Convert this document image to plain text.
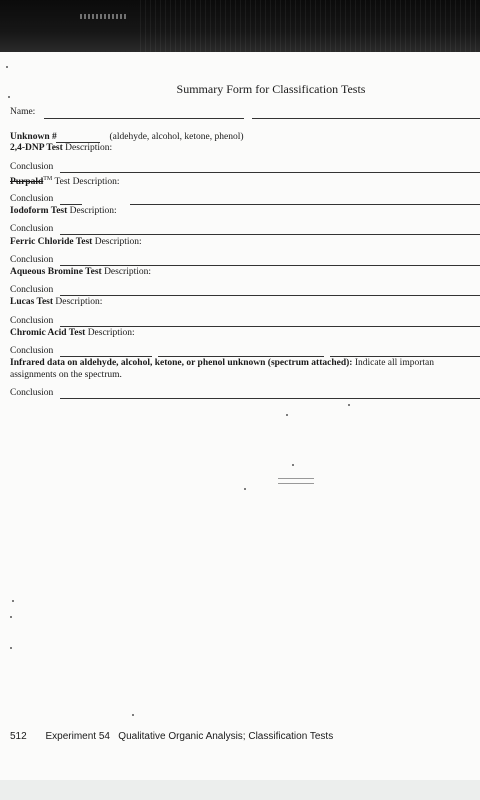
Summary Form for Classification Tests
Name:
Unknown #	(aldehyde, alcohol, ketone, phenol)
2,4-DNP Test Description:
Conclusion
Purpald™ Test Description:
Conclusion
Iodoform Test Description:
Conclusion
Ferric Chloride Test Description:
Conclusion
Aqueous Bromine Test Description:
Conclusion
Lucas Test Description:
Conclusion
Chromic Acid Test Description:
Conclusion
Infrared data on aldehyde, alcohol, ketone, or phenol unknown (spectrum attached): Indicate all importan
assignments on the spectrum.
Conclusion
512 Experiment 54 Qualitative Organic Analysis; Classification Tests
